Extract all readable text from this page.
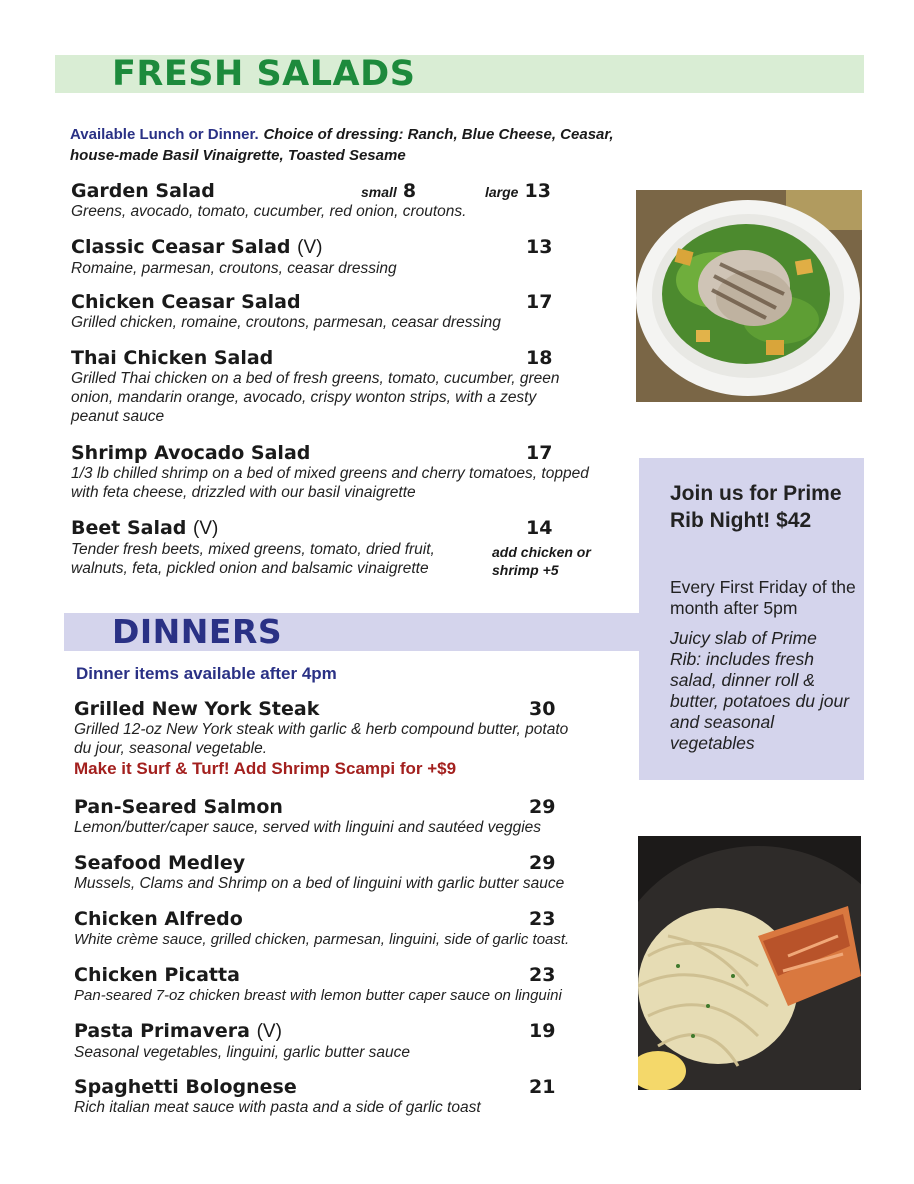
FRESH SALADS
Available Lunch or Dinner. Choice of dressing: Ranch, Blue Cheese, Ceasar, house-made Basil Vinaigrette, Toasted Sesame
Garden Salad	small 8	large 13
Greens, avocado, tomato, cucumber, red onion, croutons.
Classic Ceasar Salad (V)	13
Romaine, parmesan, croutons, ceasar dressing
Chicken Ceasar Salad	17
Grilled chicken, romaine, croutons, parmesan, ceasar dressing
Thai Chicken Salad	18
Grilled Thai chicken on a bed of fresh greens, tomato, cucumber, green onion, mandarin orange, avocado, crispy wonton strips, with a zesty peanut sauce
Shrimp Avocado Salad	17
1/3 lb chilled shrimp on a bed of mixed greens and cherry tomatoes, topped with feta cheese, drizzled with our basil vinaigrette
Beet Salad (V)	14
Tender fresh beets, mixed greens, tomato, dried fruit, walnuts, feta, pickled onion and balsamic vinaigrette
add chicken or shrimp +5
Join us for Prime Rib Night! $42
Every First Friday of the month after 5pm
Juicy slab of Prime Rib: includes fresh salad, dinner roll & butter, potatoes du jour and seasonal vegetables
DINNERS
Dinner items available after 4pm
Grilled New York Steak	30
Grilled 12-oz New York steak with garlic & herb compound butter, potato du jour, seasonal vegetable.
Make it Surf & Turf! Add Shrimp Scampi for +$9
Pan-Seared Salmon	29
Lemon/butter/caper sauce, served with linguini and sautéed veggies
Seafood Medley	29
Mussels, Clams and Shrimp on a bed of linguini with garlic butter sauce
Chicken Alfredo	23
White crème sauce, grilled chicken, parmesan, linguini, side of garlic toast.
Chicken Picatta	23
Pan-seared 7-oz chicken breast with lemon butter caper sauce on linguini
Pasta Primavera (V)	19
Seasonal vegetables, linguini, garlic butter sauce
Spaghetti Bolognese	21
Rich italian meat sauce with pasta and a side of garlic toast
